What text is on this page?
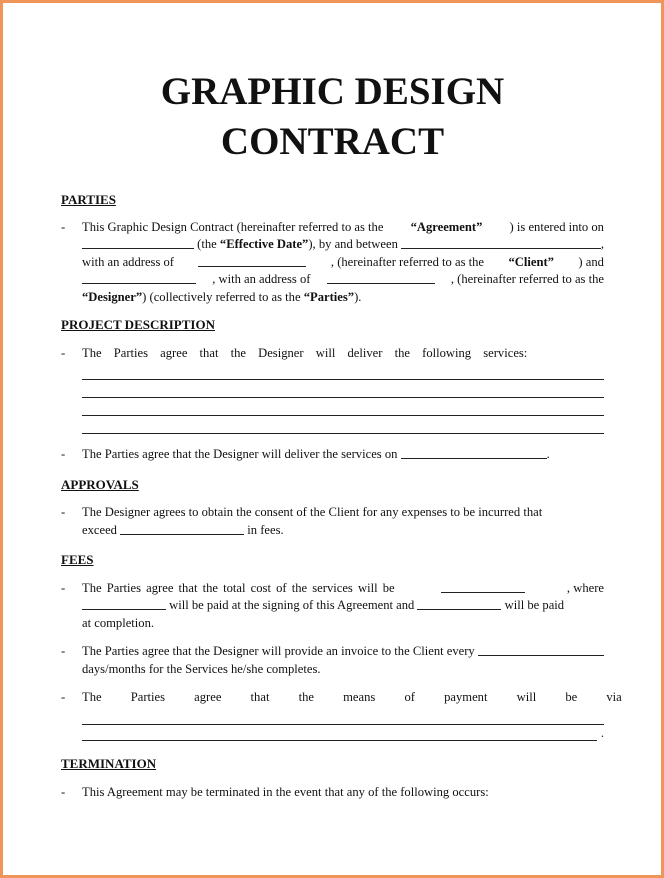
GRAPHIC DESIGN
CONTRACT
PARTIES
-	This Graphic Design Contract (hereinafter referred to as the “Agreement” ) is entered into on
(the “Effective Date” ), by and between	,
with an address of	, (hereinafter referred to as the “Client” ) and
, with an address of	, (hereinafter referred to as the
“Designer” ) (collectively referred to as the “Parties” ).
PROJECT DESCRIPTION
-	The Parties agree that the Designer will deliver the following services:
-	The Parties agree that the Designer will deliver the services on	.
APPROVALS
-	The Designer agrees to obtain the consent of the Client for any expenses to be incurred that
exceed	in fees.
FEES
-	The Parties agree that the total cost of the services will be	, where
will be paid at the signing of this Agreement and	will be paid
at completion.
-	The Parties agree that the Designer will provide an invoice to the Client every
days/months for the Services he/she completes.
-	The Parties agree that the means of payment will be via
.
TERMINATION
-	This Agreement may be terminated in the event that any of the following occurs:
